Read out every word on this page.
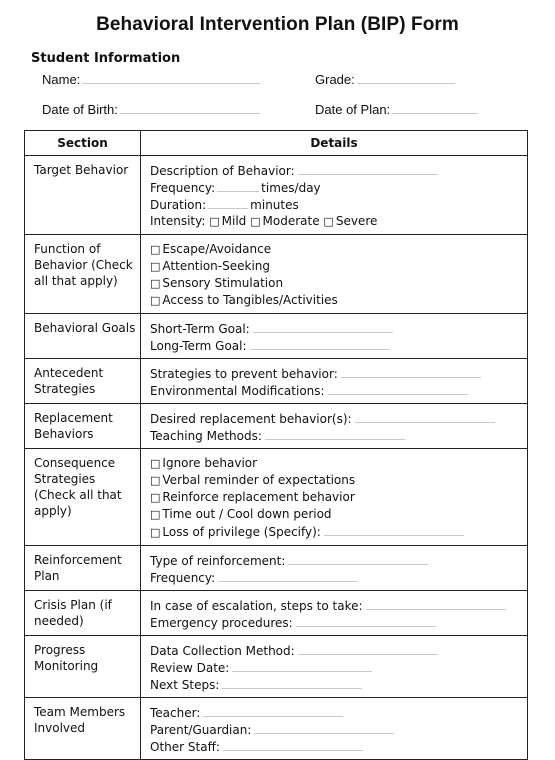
Behavioral Intervention Plan (BIP) Form
Student Information
Name:	Grade:
Date of Birth:	Date of Plan:
Section	Details
Target Behavior	Description of Behavior:
Frequency: times/day
Duration: minutes
Intensity: □ Mild □ Moderate □ Severe

Function of Behavior (Check all that apply)	□ Escape/Avoidance
□ Attention-Seeking
□ Sensory Stimulation
□ Access to Tangibles/Activities

Behavioral Goals	Short-Term Goal:
Long-Term Goal:

Antecedent Strategies	Strategies to prevent behavior:
Environmental Modifications:

Replacement Behaviors	Desired replacement behavior(s):
Teaching Methods:

Consequence Strategies (Check all that apply)	□ Ignore behavior
□ Verbal reminder of expectations
□ Reinforce replacement behavior
□ Time out / Cool down period
□ Loss of privilege (Specify):

Reinforcement Plan	Type of reinforcement:
Frequency:

Crisis Plan (if needed)	In case of escalation, steps to take:
Emergency procedures:

Progress Monitoring	Data Collection Method:
Review Date:
Next Steps:

Team Members Involved	Teacher:
Parent/Guardian:
Other Staff:
